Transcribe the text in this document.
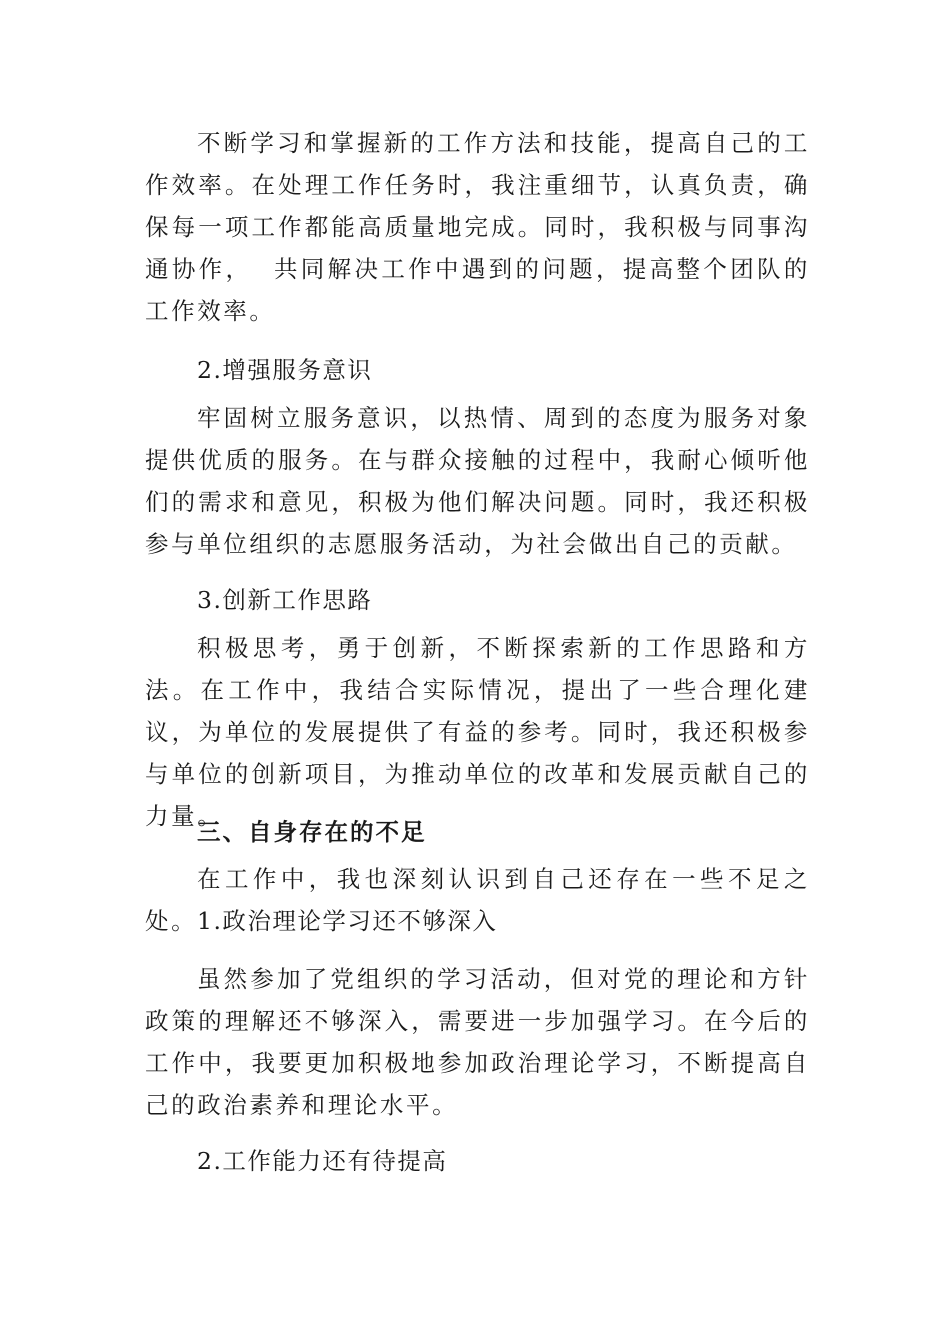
不断学习和掌握新的工作方法和技能，提高自己的工作效率。在处理工作任务时，我注重细节，认真负责，确保每一项工作都能高质量地完成。同时，我积极与同事沟通协作，  共同解决工作中遇到的问题，提高整个团队的工作效率。
2.增强服务意识
牢固树立服务意识，以热情、周到的态度为服务对象提供优质的服务。在与群众接触的过程中，我耐心倾听他们的需求和意见，积极为他们解决问题。同时，我还积极参与单位组织的志愿服务活动，为社会做出自己的贡献。
3.创新工作思路
积极思考，勇于创新，不断探索新的工作思路和方法。在工作中，我结合实际情况，提出了一些合理化建议，为单位的发展提供了有益的参考。同时，我还积极参与单位的创新项目，为推动单位的改革和发展贡献自己的力量。
三、自身存在的不足
在工作中，我也深刻认识到自己还存在一些不足之处。 1.政治理论学习还不够深入
虽然参加了党组织的学习活动，但对党的理论和方针政策的理解还不够深入，需要进一步加强学习。在今后的工作中，我要更加积极地参加政治理论学习，不断提高自己的政治素养和理论水平。
2.工作能力还有待提高
